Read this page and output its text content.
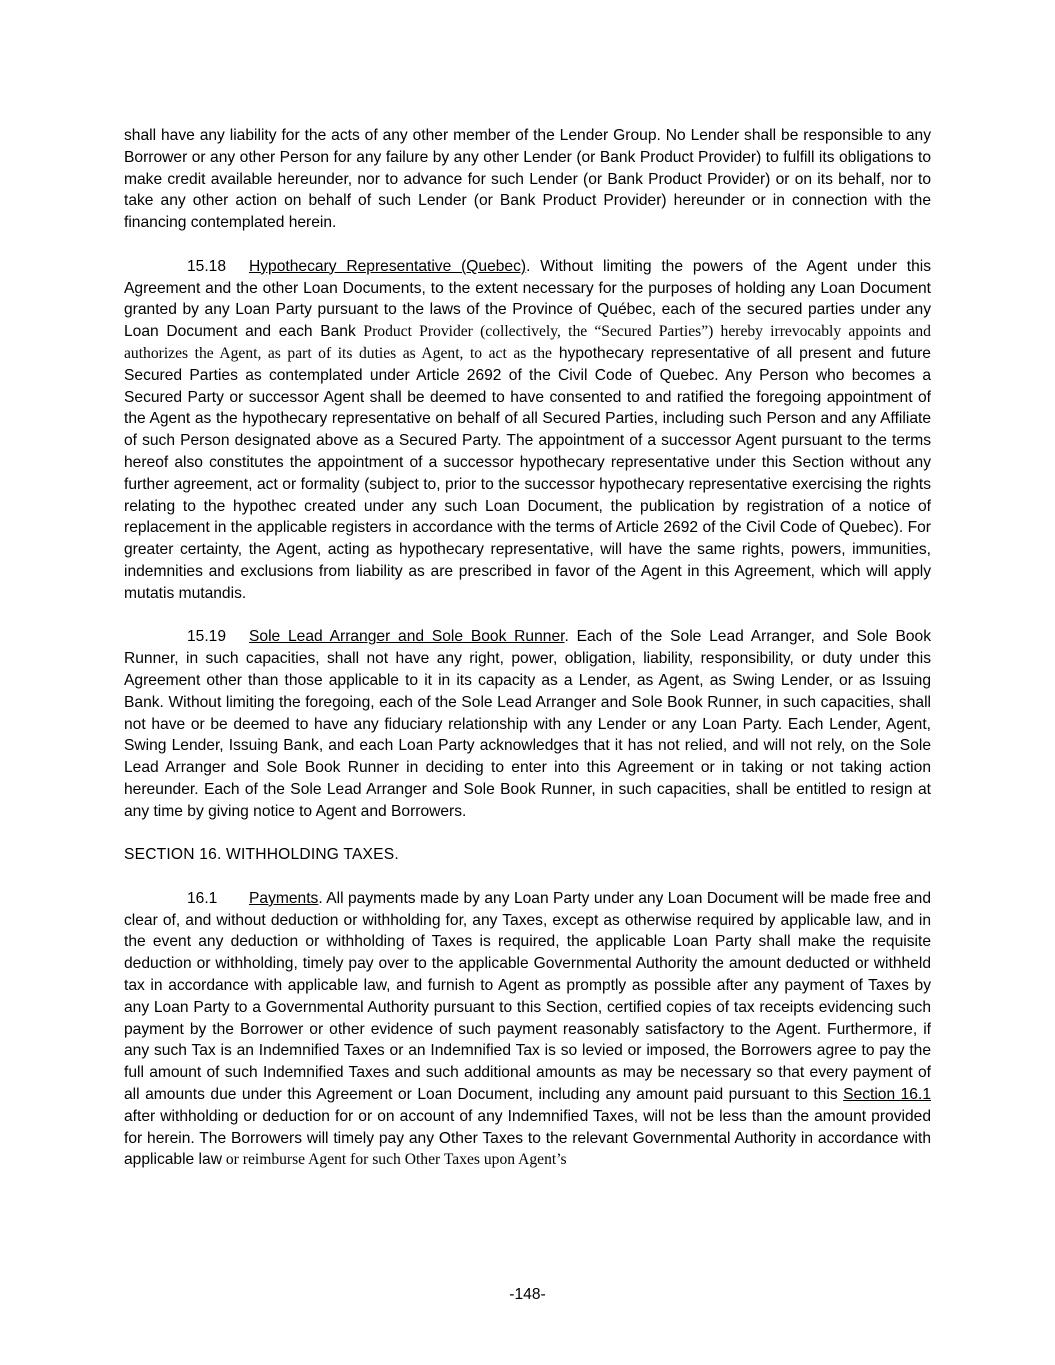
shall have any liability for the acts of any other member of the Lender Group. No Lender shall be responsible to any Borrower or any other Person for any failure by any other Lender (or Bank Product Provider) to fulfill its obligations to make credit available hereunder, nor to advance for such Lender (or Bank Product Provider) or on its behalf, nor to take any other action on behalf of such Lender (or Bank Product Provider) hereunder or in connection with the financing contemplated herein.

15.18 Hypothecary Representative (Quebec). Without limiting the powers of the Agent under this Agreement and the other Loan Documents, to the extent necessary for the purposes of holding any Loan Document granted by any Loan Party pursuant to the laws of the Province of Québec, each of the secured parties under any Loan Document and each Bank Product Provider (collectively, the “Secured Parties”) hereby irrevocably appoints and authorizes the Agent, as part of its duties as Agent, to act as the hypothecary representative of all present and future Secured Parties as contemplated under Article 2692 of the Civil Code of Quebec. Any Person who becomes a Secured Party or successor Agent shall be deemed to have consented to and ratified the foregoing appointment of the Agent as the hypothecary representative on behalf of all Secured Parties, including such Person and any Affiliate of such Person designated above as a Secured Party. The appointment of a successor Agent pursuant to the terms hereof also constitutes the appointment of a successor hypothecary representative under this Section without any further agreement, act or formality (subject to, prior to the successor hypothecary representative exercising the rights relating to the hypothec created under any such Loan Document, the publication by registration of a notice of replacement in the applicable registers in accordance with the terms of Article 2692 of the Civil Code of Quebec). For greater certainty, the Agent, acting as hypothecary representative, will have the same rights, powers, immunities, indemnities and exclusions from liability as are prescribed in favor of the Agent in this Agreement, which will apply mutatis mutandis.

15.19 Sole Lead Arranger and Sole Book Runner. Each of the Sole Lead Arranger, and Sole Book Runner, in such capacities, shall not have any right, power, obligation, liability, responsibility, or duty under this Agreement other than those applicable to it in its capacity as a Lender, as Agent, as Swing Lender, or as Issuing Bank. Without limiting the foregoing, each of the Sole Lead Arranger and Sole Book Runner, in such capacities, shall not have or be deemed to have any fiduciary relationship with any Lender or any Loan Party. Each Lender, Agent, Swing Lender, Issuing Bank, and each Loan Party acknowledges that it has not relied, and will not rely, on the Sole Lead Arranger and Sole Book Runner in deciding to enter into this Agreement or in taking or not taking action hereunder. Each of the Sole Lead Arranger and Sole Book Runner, in such capacities, shall be entitled to resign at any time by giving notice to Agent and Borrowers.

SECTION 16. WITHHOLDING TAXES.

16.1 Payments. All payments made by any Loan Party under any Loan Document will be made free and clear of, and without deduction or withholding for, any Taxes, except as otherwise required by applicable law, and in the event any deduction or withholding of Taxes is required, the applicable Loan Party shall make the requisite deduction or withholding, timely pay over to the applicable Governmental Authority the amount deducted or withheld tax in accordance with applicable law, and furnish to Agent as promptly as possible after any payment of Taxes by any Loan Party to a Governmental Authority pursuant to this Section, certified copies of tax receipts evidencing such payment by the Borrower or other evidence of such payment reasonably satisfactory to the Agent. Furthermore, if any such Tax is an Indemnified Taxes or an Indemnified Tax is so levied or imposed, the Borrowers agree to pay the full amount of such Indemnified Taxes and such additional amounts as may be necessary so that every payment of all amounts due under this Agreement or Loan Document, including any amount paid pursuant to this Section 16.1 after withholding or deduction for or on account of any Indemnified Taxes, will not be less than the amount provided for herein. The Borrowers will timely pay any Other Taxes to the relevant Governmental Authority in accordance with applicable law or reimburse Agent for such Other Taxes upon Agent’s

-148-
